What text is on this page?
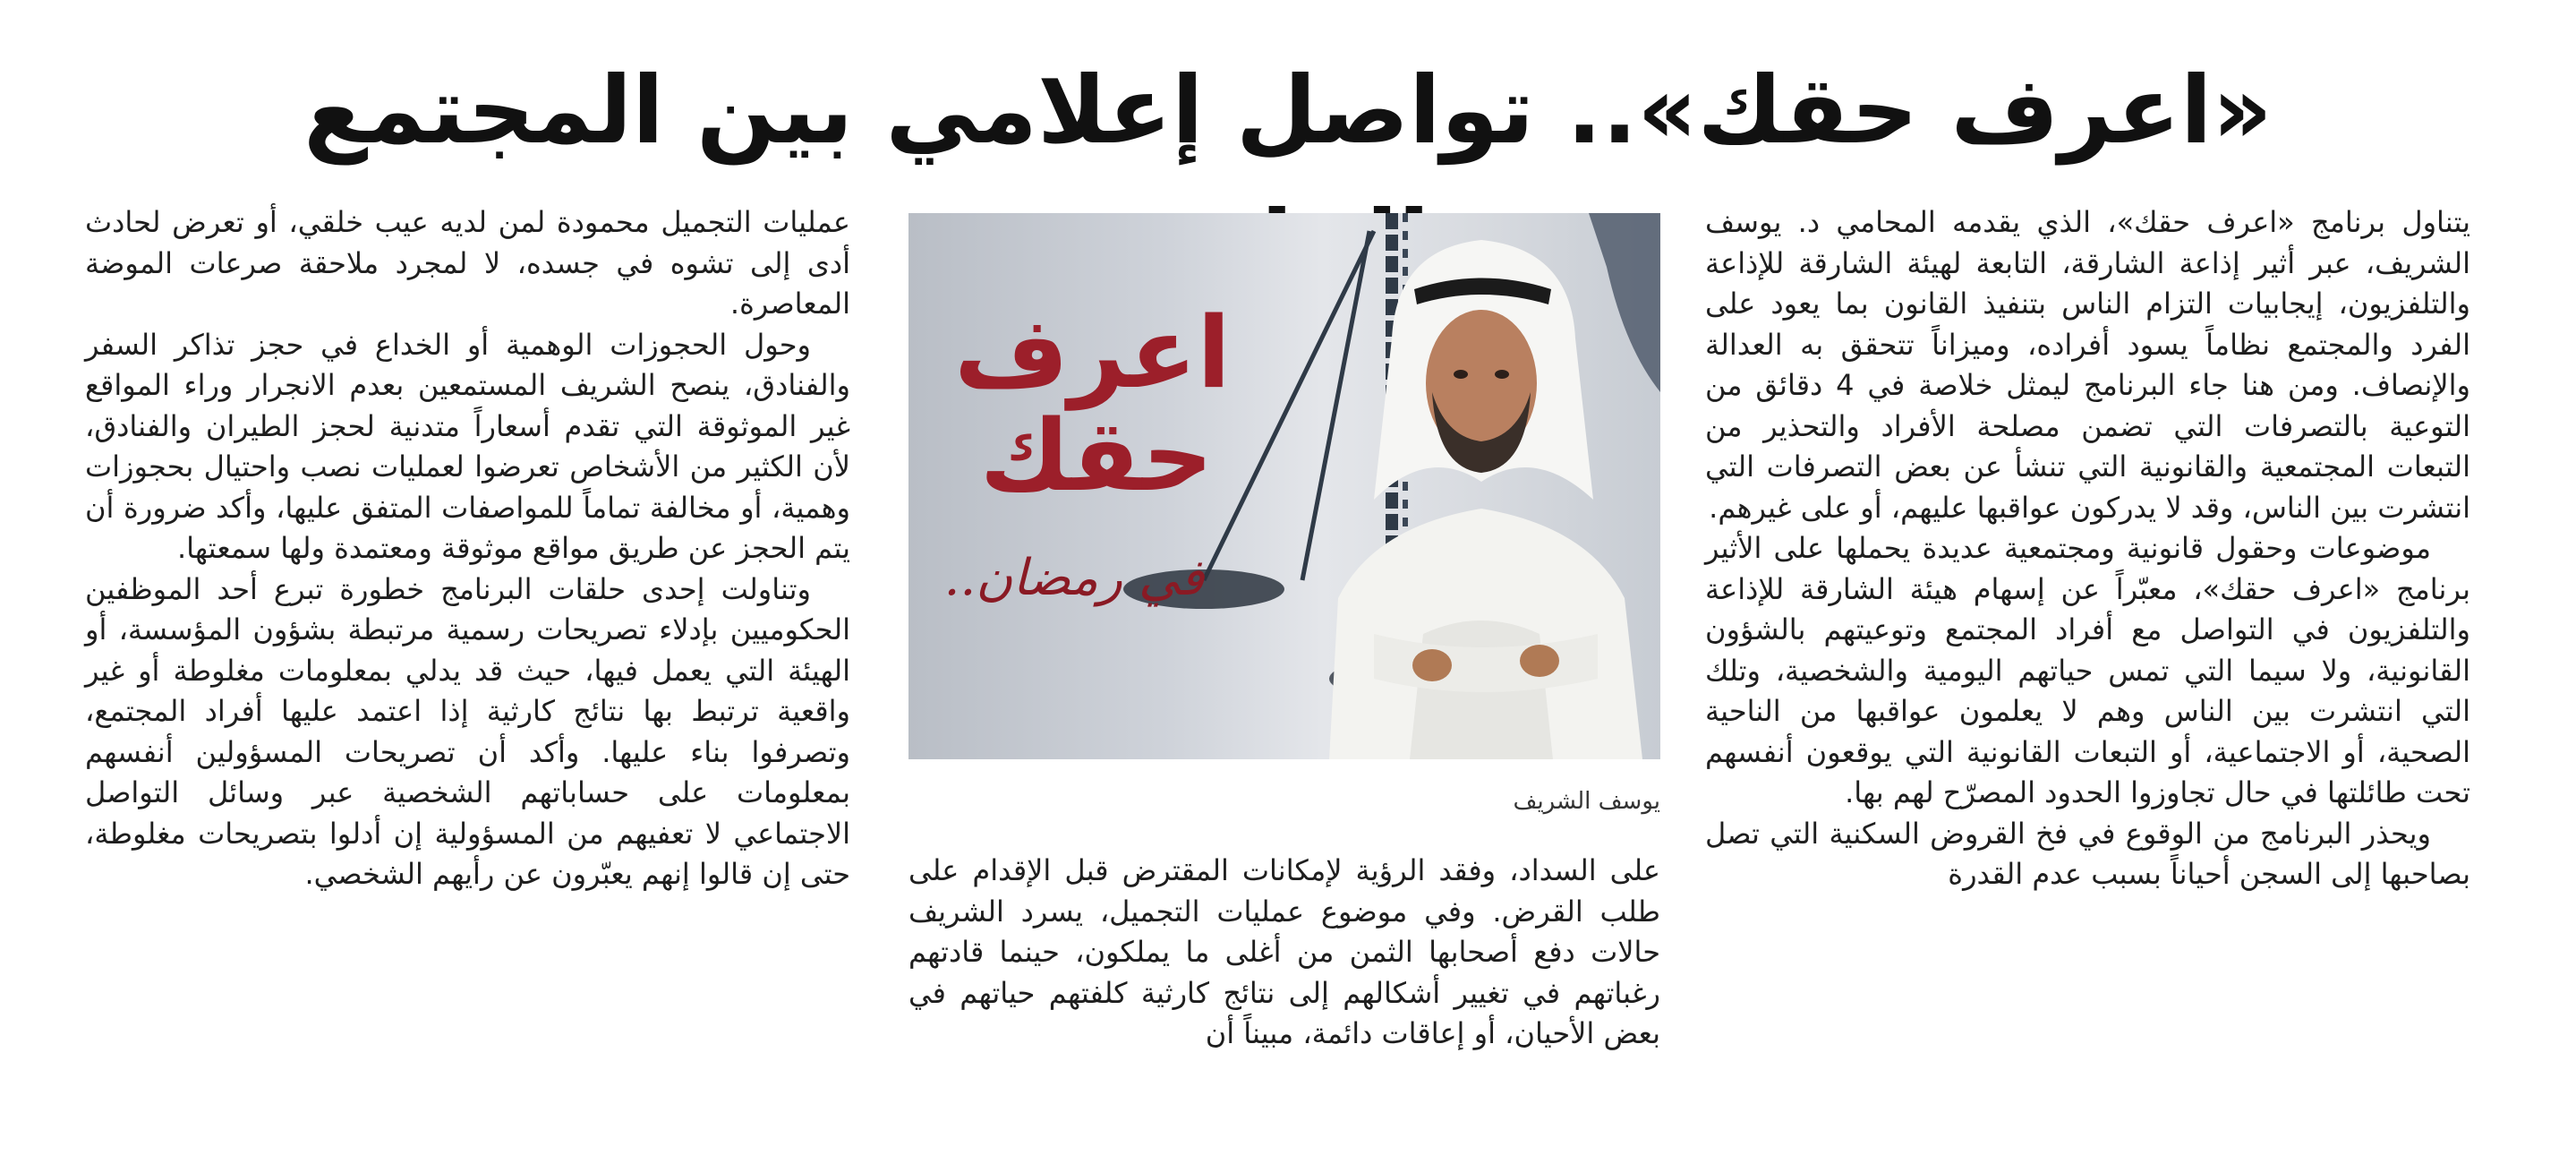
«اعرف حقك».. تواصل إعلامي بين المجتمع

يتناول برنامج «اعرف حقك»، الذي يقدمه المحامي د. يوسف الشريف، عبر أثير إذاعة الشارقة، التابعة لهيئة الشارقة للإذاعة والتلفزيون، إيجابيات التزام الناس بتنفيذ القانون بما يعود على الفرد والمجتمع نظاماً يسود أفراده، وميزاناً تتحقق به العدالة والإنصاف. ومن هنا جاء البرنامج ليمثل خلاصة في 4 دقائق من التوعية بالتصرفات التي تضمن مصلحة الأفراد والتحذير من التبعات المجتمعية والقانونية التي تنشأ عن بعض التصرفات التي انتشرت بين الناس، وقد لا يدركون عواقبها عليهم، أو على غيرهم.

موضوعات وحقول قانونية ومجتمعية عديدة يحملها على الأثير برنامج «اعرف حقك»، معبّراً عن إسهام هيئة الشارقة للإذاعة والتلفزيون في التواصل مع أفراد المجتمع وتوعيتهم بالشؤون القانونية، ولا سيما التي تمس حياتهم اليومية والشخصية، وتلك التي انتشرت بين الناس وهم لا يعلمون عواقبها من الناحية الصحية، أو الاجتماعية، أو التبعات القانونية التي يوقعون أنفسهم تحت طائلتها في حال تجاوزوا الحدود المصرّح لهم بها.

ويحذر البرنامج من الوقوع في فخ القروض السكنية التي تصل بصاحبها إلى السجن أحياناً بسبب عدم القدرة

اعرف
حقك
في رمضان..
يوسف الشريف

على السداد، وفقد الرؤية لإمكانات المقترض قبل الإقدام على طلب القرض. وفي موضوع عمليات التجميل، يسرد الشريف حالات دفع أصحابها الثمن من أغلى ما يملكون، حينما قادتهم رغباتهم في تغيير أشكالهم إلى نتائج كارثية كلفتهم حياتهم في بعض الأحيان، أو إعاقات دائمة، مبيناً أن

عمليات التجميل محمودة لمن لديه عيب خلقي، أو تعرض لحادث أدى إلى تشوه في جسده، لا لمجرد ملاحقة صرعات الموضة المعاصرة.

وحول الحجوزات الوهمية أو الخداع في حجز تذاكر السفر والفنادق، ينصح الشريف المستمعين بعدم الانجرار وراء المواقع غير الموثوقة التي تقدم أسعاراً متدنية لحجز الطيران والفنادق، لأن الكثير من الأشخاص تعرضوا لعمليات نصب واحتيال بحجوزات وهمية، أو مخالفة تماماً للمواصفات المتفق عليها، وأكد ضرورة أن يتم الحجز عن طريق مواقع موثوقة ومعتمدة ولها سمعتها.

وتناولت إحدى حلقات البرنامج خطورة تبرع أحد الموظفين الحكوميين بإدلاء تصريحات رسمية مرتبطة بشؤون المؤسسة، أو الهيئة التي يعمل فيها، حيث قد يدلي بمعلومات مغلوطة أو غير واقعية ترتبط بها نتائج كارثية إذا اعتمد عليها أفراد المجتمع، وتصرفوا بناء عليها. وأكد أن تصريحات المسؤولين أنفسهم بمعلومات على حساباتهم الشخصية عبر وسائل التواصل الاجتماعي لا تعفيهم من المسؤولية إن أدلوا بتصريحات مغلوطة، حتى إن قالوا إنهم يعبّرون عن رأيهم الشخصي.
